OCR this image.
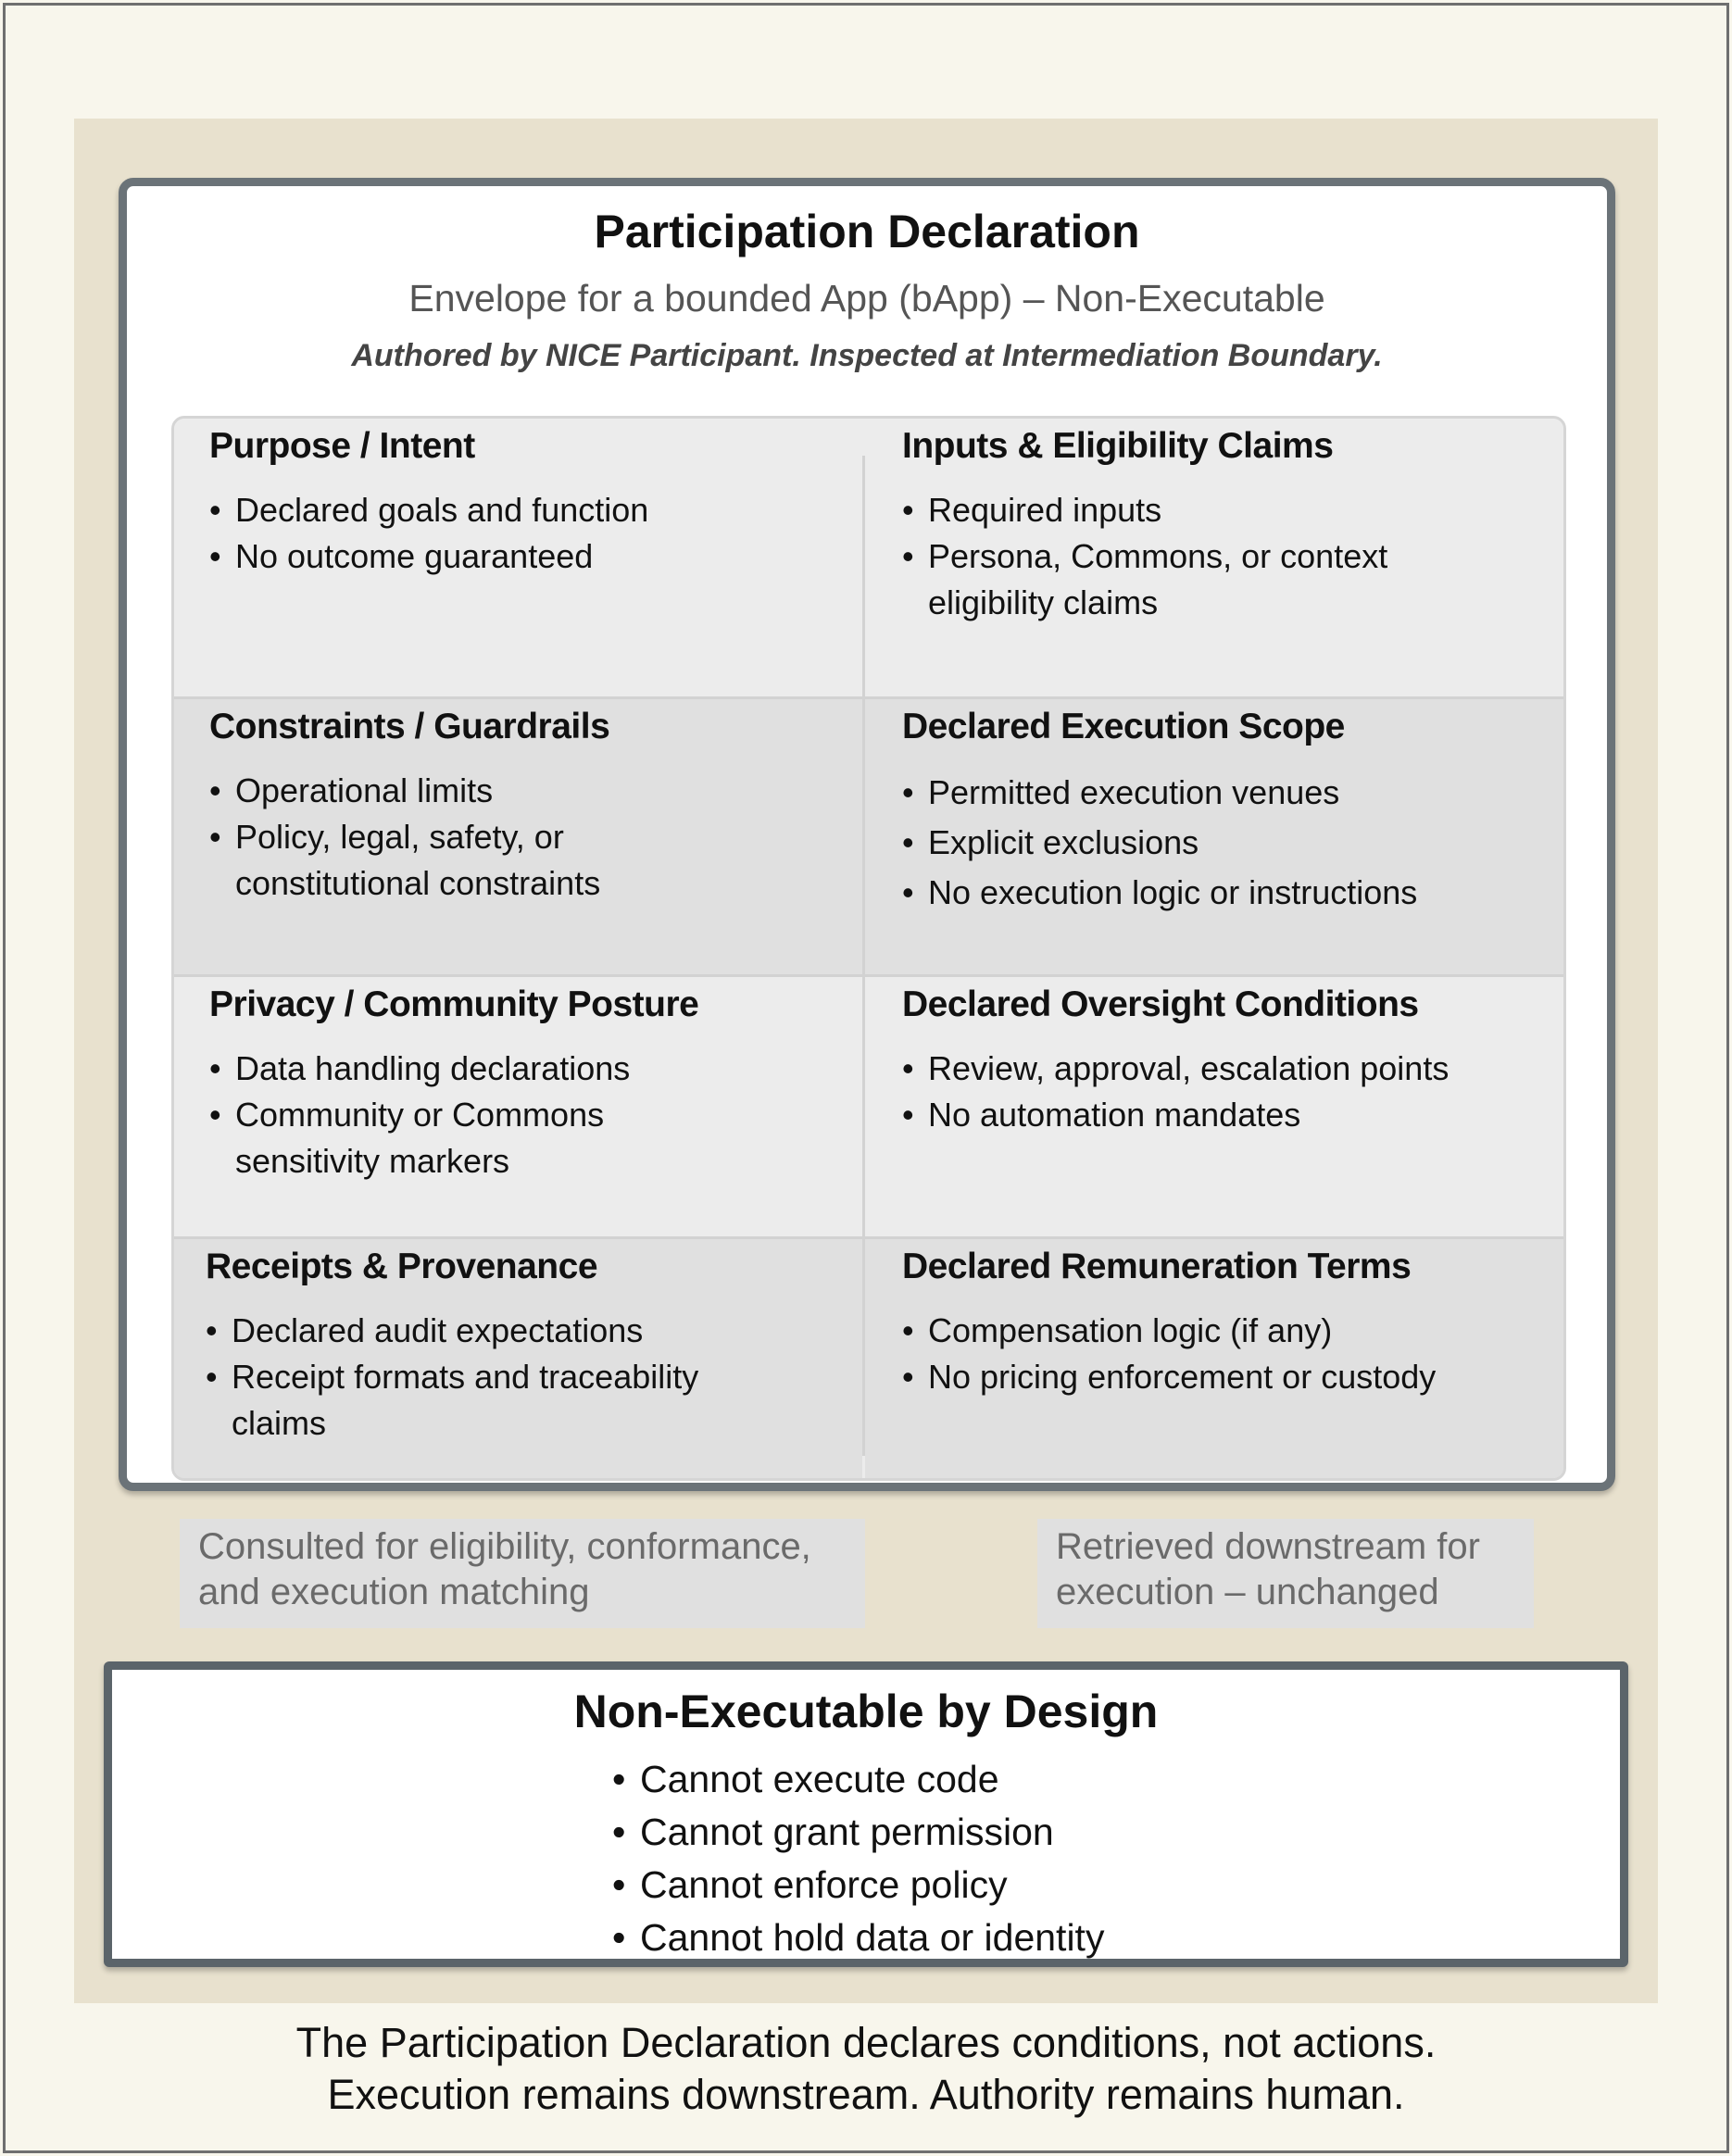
Participation Declaration
Envelope for a bounded App (bApp) – Non-Executable
Authored by NICE Participant. Inspected at Intermediation Boundary.
Purpose / Intent
• Declared goals and function
• No outcome guaranteed
Inputs & Eligibility Claims
• Required inputs
• Persona, Commons, or context eligibility claims
Constraints / Guardrails
• Operational limits
• Policy, legal, safety, or constitutional constraints
Declared Execution Scope
• Permitted execution venues
• Explicit exclusions
• No execution logic or instructions
Privacy / Community Posture
• Data handling declarations
• Community or Commons sensitivity markers
Declared Oversight Conditions
• Review, approval, escalation points
• No automation mandates
Receipts & Provenance
• Declared audit expectations
• Receipt formats and traceability claims
Declared Remuneration Terms
• Compensation logic (if any)
• No pricing enforcement or custody
Consulted for eligibility, conformance, and execution matching
Retrieved downstream for execution – unchanged
Non-Executable by Design
• Cannot execute code
• Cannot grant permission
• Cannot enforce policy
• Cannot hold data or identity
The Participation Declaration declares conditions, not actions.
Execution remains downstream. Authority remains human.
